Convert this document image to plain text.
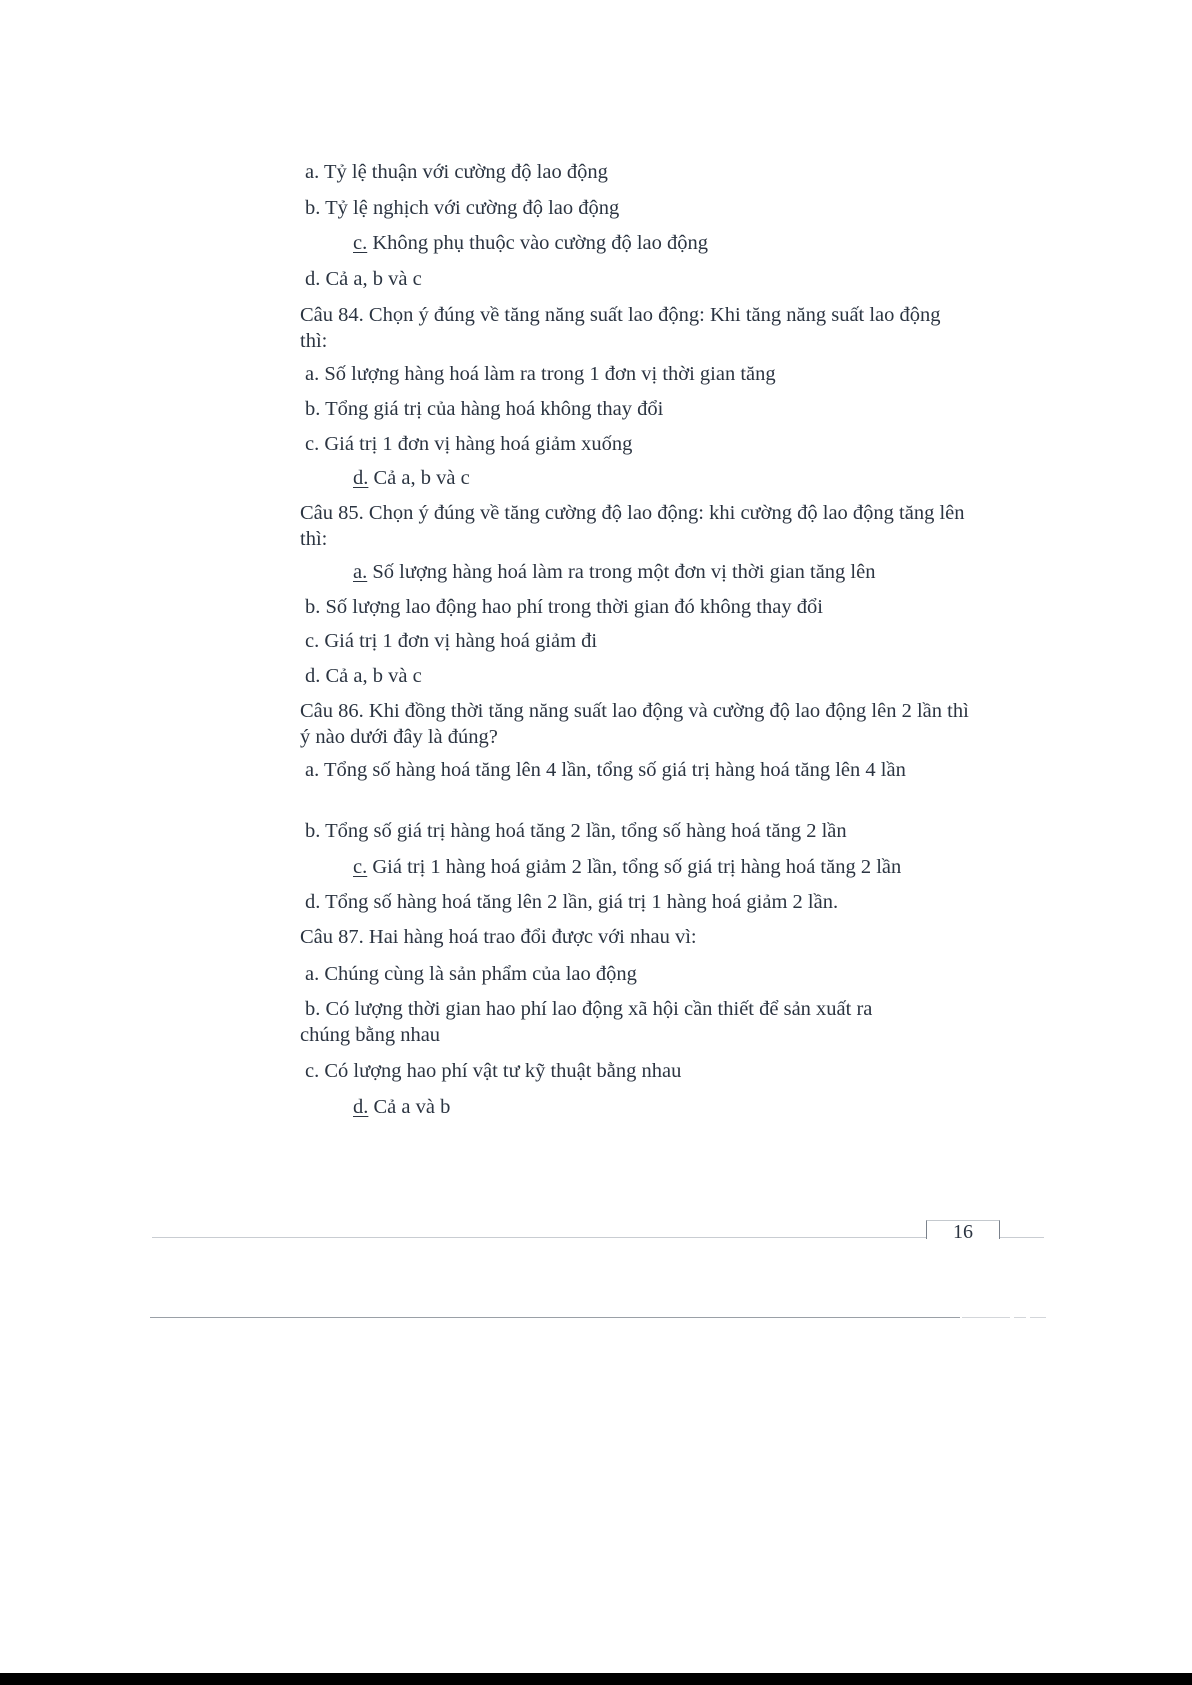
a. Tỷ lệ thuận với cường độ lao động

b. Tỷ lệ nghịch với cường độ lao động

c. Không phụ thuộc vào cường độ lao động

d. Cả a, b và c

Câu 84. Chọn ý đúng về tăng năng suất lao động: Khi tăng năng suất lao động thì:

a. Số lượng hàng hoá làm ra trong 1 đơn vị thời gian tăng

b. Tổng giá trị của hàng hoá không thay đổi

c. Giá trị 1 đơn vị hàng hoá giảm xuống

d. Cả a, b và c

Câu 85. Chọn ý đúng về tăng cường độ lao động: khi cường độ lao động tăng lên thì:

a. Số lượng hàng hoá làm ra trong một đơn vị thời gian tăng lên

b. Số lượng lao động hao phí trong thời gian đó không thay đổi

c. Giá trị 1 đơn vị hàng hoá giảm đi

d. Cả a, b và c

Câu 86. Khi đồng thời tăng năng suất lao động và cường độ lao động lên 2 lần thì ý nào dưới đây là đúng?

a. Tổng số hàng hoá tăng lên 4 lần, tổng số giá trị hàng hoá tăng lên 4 lần

b. Tổng số giá trị hàng hoá tăng 2 lần, tổng số hàng hoá tăng 2 lần

c. Giá trị 1 hàng hoá giảm 2 lần, tổng số giá trị hàng hoá tăng 2 lần

d. Tổng số hàng hoá tăng lên 2 lần, giá trị 1 hàng hoá giảm 2 lần.

Câu 87. Hai hàng hoá trao đổi được với nhau vì:

a. Chúng cùng là sản phẩm của lao động

b. Có lượng thời gian hao phí lao động xã hội cần thiết để sản xuất ra chúng bằng nhau

c. Có lượng hao phí vật tư kỹ thuật bằng nhau

d. Cả a và b

16
